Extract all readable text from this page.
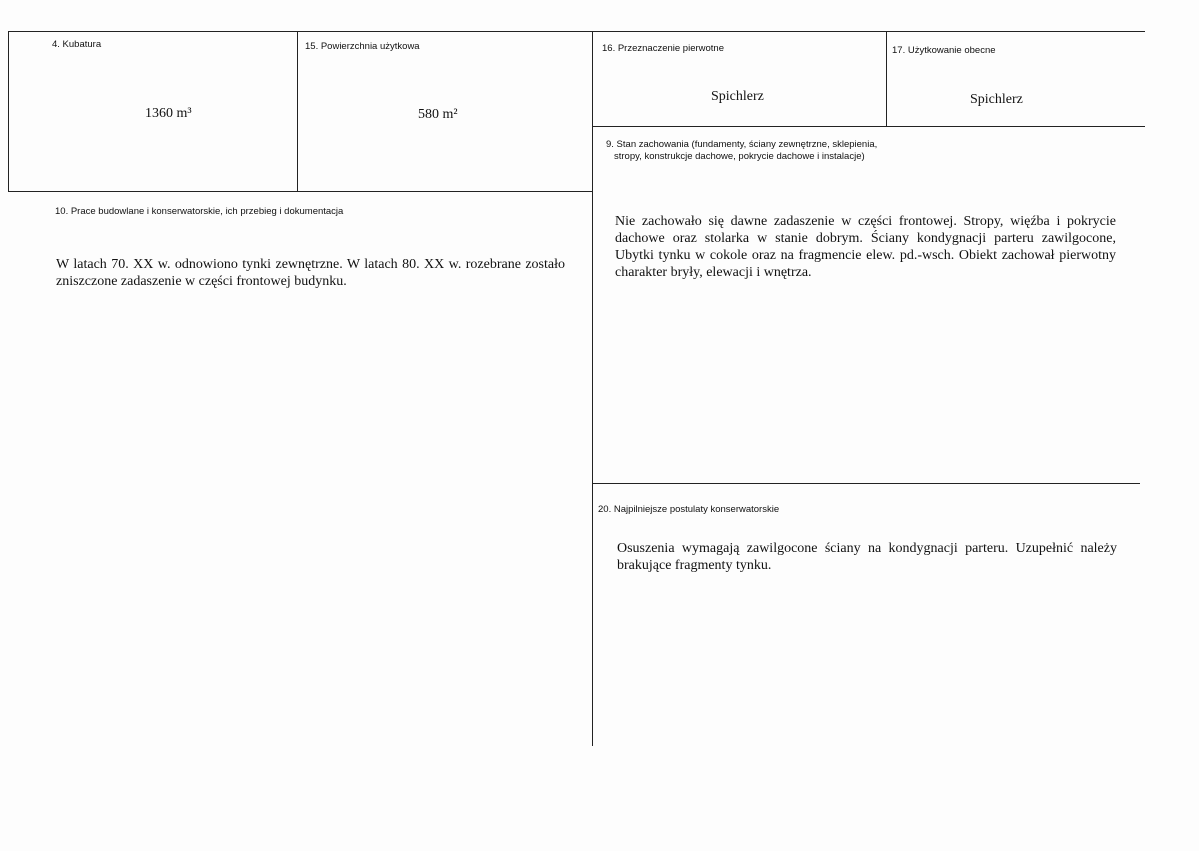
4. Kubatura
1360 m³
15. Powierzchnia użytkowa
580 m²
16. Przeznaczenie pierwotne
Spichlerz
17. Użytkowanie obecne
Spichlerz
9. Stan zachowania (fundamenty, ściany zewnętrzne, sklepienia,
stropy, konstrukcje dachowe, pokrycie dachowe i instalacje)
Nie zachowało się dawne zadaszenie w części frontowej. Stropy, więźba i pokrycie dachowe oraz stolarka w stanie dobrym. Ściany kondygnacji parteru zawilgocone, Ubytki tynku w cokole oraz na fragmencie elew. pd.-wsch. Obiekt zachował pierwotny charakter bryły, elewacji i wnętrza.
10. Prace budowlane i konserwatorskie, ich przebieg i dokumentacja
W latach 70. XX w. odnowiono tynki zewnętrzne. W latach 80. XX w. rozebrane zostało zniszczone zadaszenie w części frontowej budynku.
20. Najpilniejsze postulaty konserwatorskie
Osuszenia wymagają zawilgocone ściany na kondygnacji parteru. Uzupełnić należy brakujące fragmenty tynku.
